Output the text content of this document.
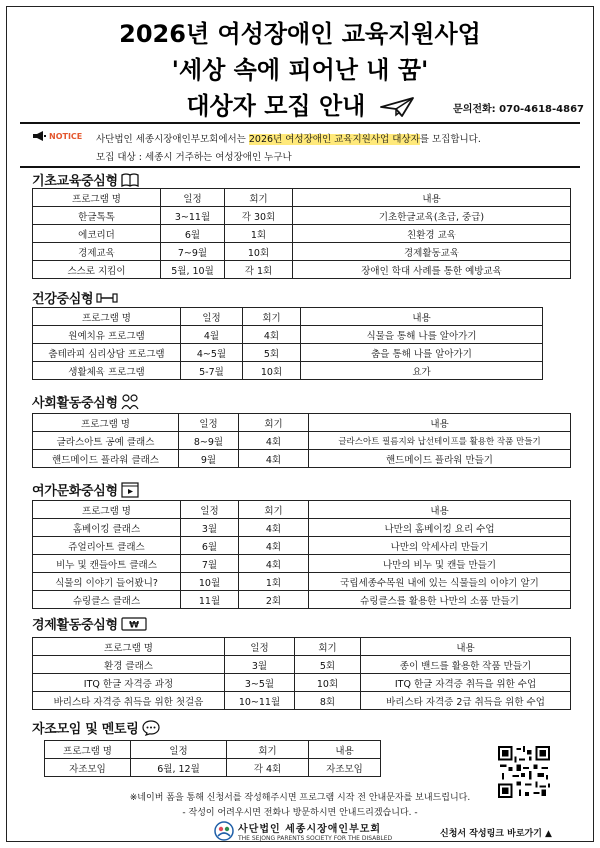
2026년 여성장애인 교육지원사업
'세상 속에 피어난 내 꿈'
대상자 모집 안내	문의전화: 070-4618-4867
NOTICE 사단법인 세종시장애인부모회에서는 2026년 여성장애인 교육지원사업 대상자를 모집합니다.
모집 대상 : 세종시 거주하는 여성장애인 누구나
기초교육중심형
프로그램 명	일정	회기	내용
한글톡톡	3~11월	각 30회	기초한글교육(초급, 중급)
에코리더	6월	1회	친환경 교육
경제교육	7~9월	10회	경제활동교육
스스로 지킴이	5월, 10월	각 1회	장애인 학대 사례를 통한 예방교육
건강중심형
프로그램 명	일정	회기	내용
원예치유 프로그램	4월	4회	식물을 통해 나를 알아가기
춤테라피 심리상담 프로그램	4~5월	5회	춤을 통해 나를 알아가기
생활체육 프로그램	5-7월	10회	요가
사회활동중심형
프로그램 명	일정	회기	내용
글라스아트 공예 클래스	8~9월	4회	글라스아트 필름지와 납선테이프를 활용한 작품 만들기
핸드메이드 플라워 클래스	9월	4회	핸드메이드 플라워 만들기
여가문화중심형
프로그램 명	일정	회기	내용
홈베이킹 클래스	3월	4회	나만의 홈베이킹 요리 수업
쥬얼리아트 클래스	6월	4회	나만의 악세사리 만들기
비누 및 캔들아트 클래스	7월	4회	나만의 비누 및 캔들 만들기
식물의 이야기 들어봤니?	10월	1회	국립세종수목원 내에 있는 식물들의 이야기 알기
슈링클스 클래스	11월	2회	슈링클스를 활용한 나만의 소품 만들기
경제활동중심형 ₩
프로그램 명	일정	회기	내용
환경 클래스	3월	5회	종이 밴드를 활용한 작품 만들기
ITQ 한글 자격증 과정	3~5월	10회	ITQ 한글 자격증 취득을 위한 수업
바리스타 자격증 취득을 위한 첫걸음	10~11월	8회	바리스타 자격증 2급 취득을 위한 수업
자조모임 및 멘토링
프로그램 명	일정	회기	내용
자조모임	6월, 12월	각 4회	자조모임
※네이버 폼을 통해 신청서를 작성해주시면 프로그램 시작 전 안내문자를 보내드립니다.
- 작성이 어려우시면 전화나 방문하시면 안내드리겠습니다. -
사단법인 세종시장애인부모회
THE SEJONG PARENTS SOCIETY FOR THE DISABLED	신청서 작성링크 바로가기 ▲
